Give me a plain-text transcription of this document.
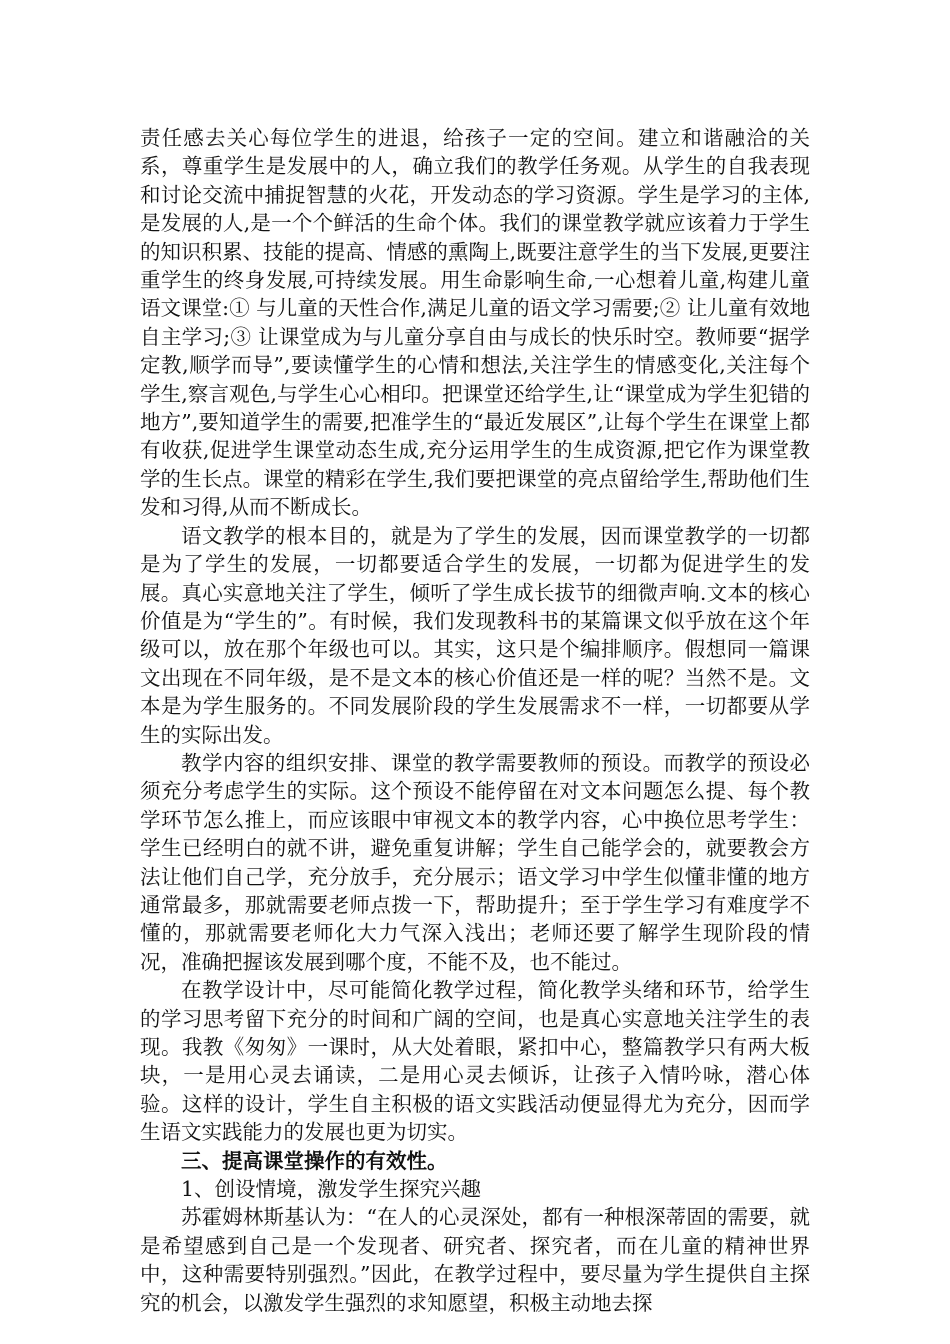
责任感去关心每位学生的进退，给孩子一定的空间。建立和谐融洽的关系，尊重学生是发展中的人，确立我们的教学任务观。从学生的自我表现和讨论交流中捕捉智慧的火花，开发动态的学习资源。学生是学习的主体,是发展的人,是一个个鲜活的生命个体。我们的课堂教学就应该着力于学生的知识积累、技能的提高、情感的熏陶上,既要注意学生的当下发展,更要注重学生的终身发展,可持续发展。用生命影响生命,一心想着儿童,构建儿童语文课堂:① 与儿童的天性合作,满足儿童的语文学习需要;② 让儿童有效地自主学习;③ 让课堂成为与儿童分享自由与成长的快乐时空。教师要“据学定教,顺学而导”,要读懂学生的心情和想法,关注学生的情感变化,关注每个学生,察言观色,与学生心心相印。把课堂还给学生,让“课堂成为学生犯错的地方”,要知道学生的需要,把准学生的“最近发展区”,让每个学生在课堂上都有收获,促进学生课堂动态生成,充分运用学生的生成资源,把它作为课堂教学的生长点。课堂的精彩在学生,我们要把课堂的亮点留给学生,帮助他们生发和习得,从而不断成长。

语文教学的根本目的，就是为了学生的发展，因而课堂教学的一切都是为了学生的发展，一切都要适合学生的发展，一切都为促进学生的发展。真心实意地关注了学生，倾听了学生成长拔节的细微声响.文本的核心价值是为“学生的”。有时候，我们发现教科书的某篇课文似乎放在这个年级可以，放在那个年级也可以。其实，这只是个编排顺序。假想同一篇课文出现在不同年级，是不是文本的核心价值还是一样的呢？当然不是。文本是为学生服务的。不同发展阶段的学生发展需求不一样，一切都要从学生的实际出发。

教学内容的组织安排、课堂的教学需要教师的预设。而教学的预设必须充分考虑学生的实际。这个预设不能停留在对文本问题怎么提、每个教学环节怎么推上，而应该眼中审视文本的教学内容，心中换位思考学生：学生已经明白的就不讲，避免重复讲解；学生自己能学会的，就要教会方法让他们自己学，充分放手，充分展示；语文学习中学生似懂非懂的地方通常最多，那就需要老师点拨一下，帮助提升；至于学生学习有难度学不懂的，那就需要老师化大力气深入浅出；老师还要了解学生现阶段的情况，准确把握该发展到哪个度，不能不及，也不能过。

在教学设计中，尽可能简化教学过程，简化教学头绪和环节，给学生的学习思考留下充分的时间和广阔的空间，也是真心实意地关注学生的表现。我教《匆匆》一课时，从大处着眼，紧扣中心，整篇教学只有两大板块，一是用心灵去诵读，二是用心灵去倾诉，让孩子入情吟咏，潜心体验。这样的设计，学生自主积极的语文实践活动便显得尤为充分，因而学生语文实践能力的发展也更为切实。

三、提高课堂操作的有效性。

1、创设情境，激发学生探究兴趣

苏霍姆林斯基认为：“在人的心灵深处，都有一种根深蒂固的需要，就是希望感到自己是一个发现者、研究者、探究者，而在儿童的精神世界中，这种需要特别强烈。”因此，在教学过程中，要尽量为学生提供自主探究的机会，以激发学生强烈的求知愿望，积极主动地去探
